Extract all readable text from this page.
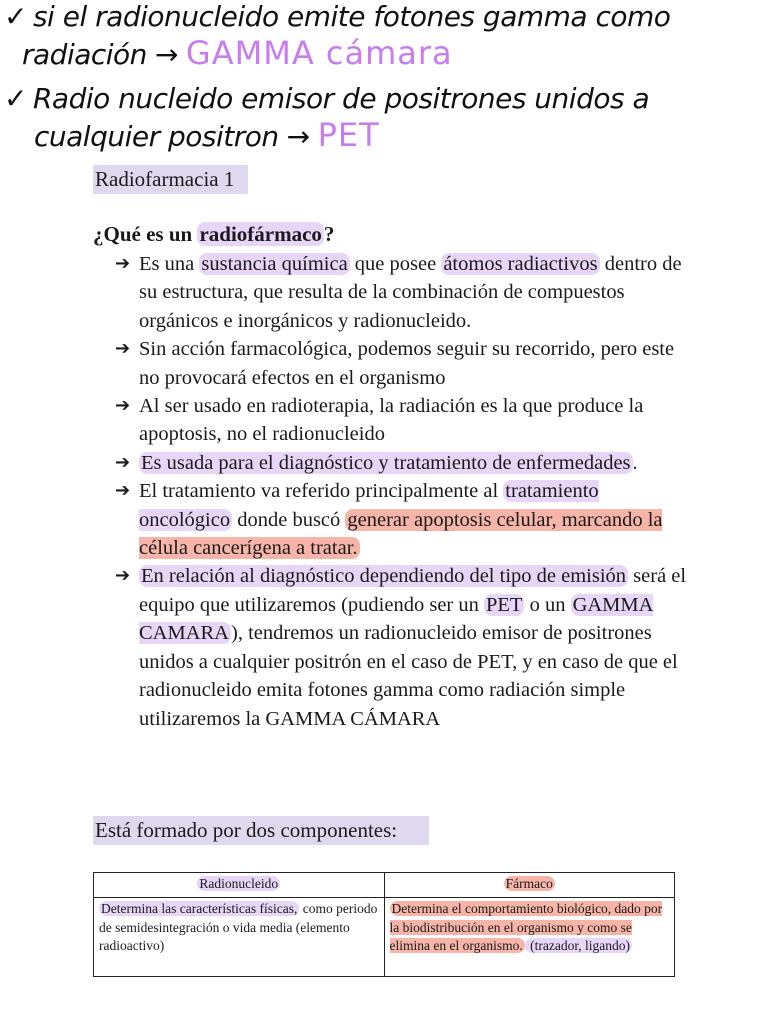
✓ si el radionucleido emite fotones gamma como
radiación → GAMMA cámara
✓ Radio nucleido emisor de positrones unidos a
cualquier positron → PET
Radiofarmacia 1
¿Qué es un radiofármaco?
➔ Es una sustancia química que posee átomos radiactivos dentro de su estructura, que resulta de la combinación de compuestos orgánicos e inorgánicos y radionucleido.
➔ Sin acción farmacológica, podemos seguir su recorrido, pero este no provocará efectos en el organismo
➔ Al ser usado en radioterapia, la radiación es la que produce la apoptosis, no el radionucleido
➔ Es usada para el diagnóstico y tratamiento de enfermedades.
➔ El tratamiento va referido principalmente al tratamiento oncológico donde buscó generar apoptosis celular, marcando la célula cancerígena a tratar.
➔ En relación al diagnóstico dependiendo del tipo de emisión será el equipo que utilizaremos (pudiendo ser un PET o un GAMMA CAMARA), tendremos un radionucleido emisor de positrones unidos a cualquier positrón en el caso de PET, y en caso de que el radionucleido emita fotones gamma como radiación simple utilizaremos la GAMMA CÁMARA
Está formado por dos componentes:
Radionucleido	Fármaco
Determina las características físicas, como periodo de semidesintegración o vida media (elemento radioactivo)	Determina el comportamiento biológico, dado por la biodistribución en el organismo y como se elimina en el organismo. (trazador, ligando)
